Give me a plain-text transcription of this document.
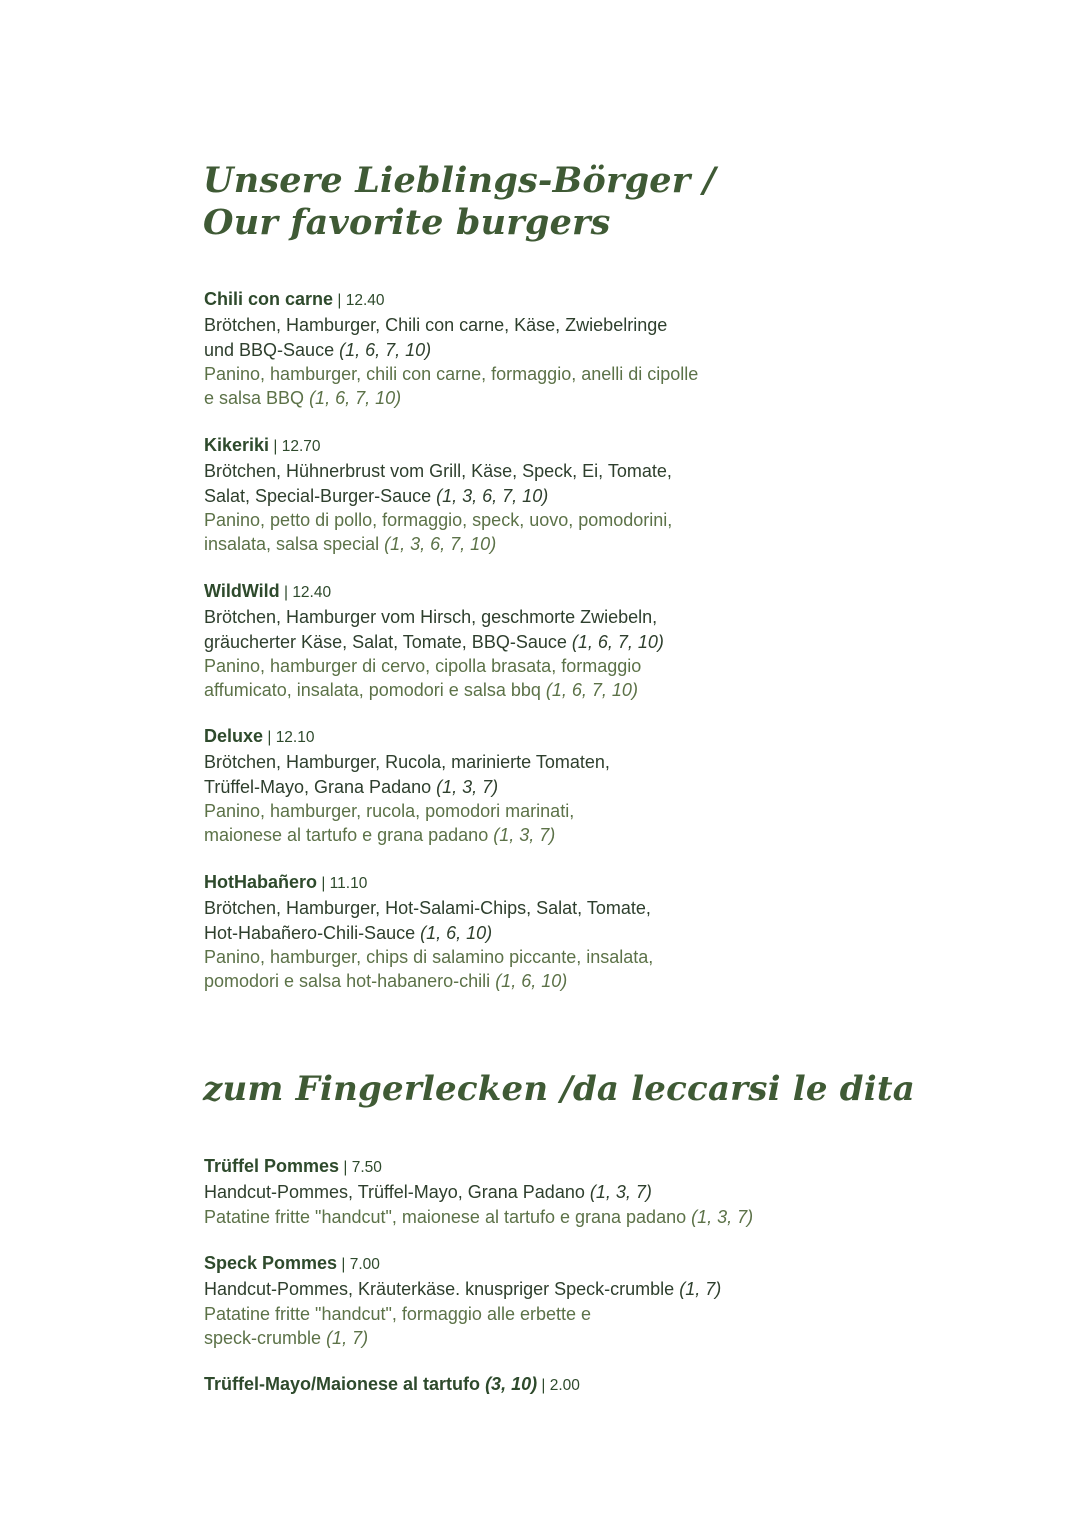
Unsere Lieblings-Börger /
Our favorite burgers
Chili con carne | 12.40
Brötchen, Hamburger, Chili con carne, Käse, Zwiebelringe
und BBQ-Sauce (1, 6, 7, 10)
Panino, hamburger, chili con carne, formaggio, anelli di cipolle
e salsa BBQ (1, 6, 7, 10)
Kikeriki | 12.70
Brötchen, Hühnerbrust vom Grill, Käse, Speck, Ei, Tomate,
Salat, Special-Burger-Sauce (1, 3, 6, 7, 10)
Panino, petto di pollo, formaggio, speck, uovo, pomodorini,
insalata, salsa special (1, 3, 6, 7, 10)
WildWild | 12.40
Brötchen, Hamburger vom Hirsch, geschmorte Zwiebeln,
gräucherter Käse, Salat, Tomate, BBQ-Sauce (1, 6, 7, 10)
Panino, hamburger di cervo, cipolla brasata, formaggio
affumicato, insalata, pomodori e salsa bbq (1, 6, 7, 10)
Deluxe | 12.10
Brötchen, Hamburger, Rucola, marinierte Tomaten,
Trüffel-Mayo, Grana Padano (1, 3, 7)
Panino, hamburger, rucola, pomodori marinati,
maionese al tartufo e grana padano (1, 3, 7)
HotHabañero | 11.10
Brötchen, Hamburger, Hot-Salami-Chips, Salat, Tomate,
Hot-Habañero-Chili-Sauce (1, 6, 10)
Panino, hamburger, chips di salamino piccante, insalata,
pomodori e salsa hot-habanero-chili (1, 6, 10)
zum Fingerlecken /da leccarsi le dita
Trüffel Pommes | 7.50
Handcut-Pommes, Trüffel-Mayo, Grana Padano (1, 3, 7)
Patatine fritte "handcut", maionese al tartufo e grana padano (1, 3, 7)
Speck Pommes | 7.00
Handcut-Pommes, Kräuterkäse. knuspriger Speck-crumble (1, 7)
Patatine fritte "handcut", formaggio alle erbette e
speck-crumble (1, 7)
Trüffel-Mayo/Maionese al tartufo (3, 10) | 2.00
